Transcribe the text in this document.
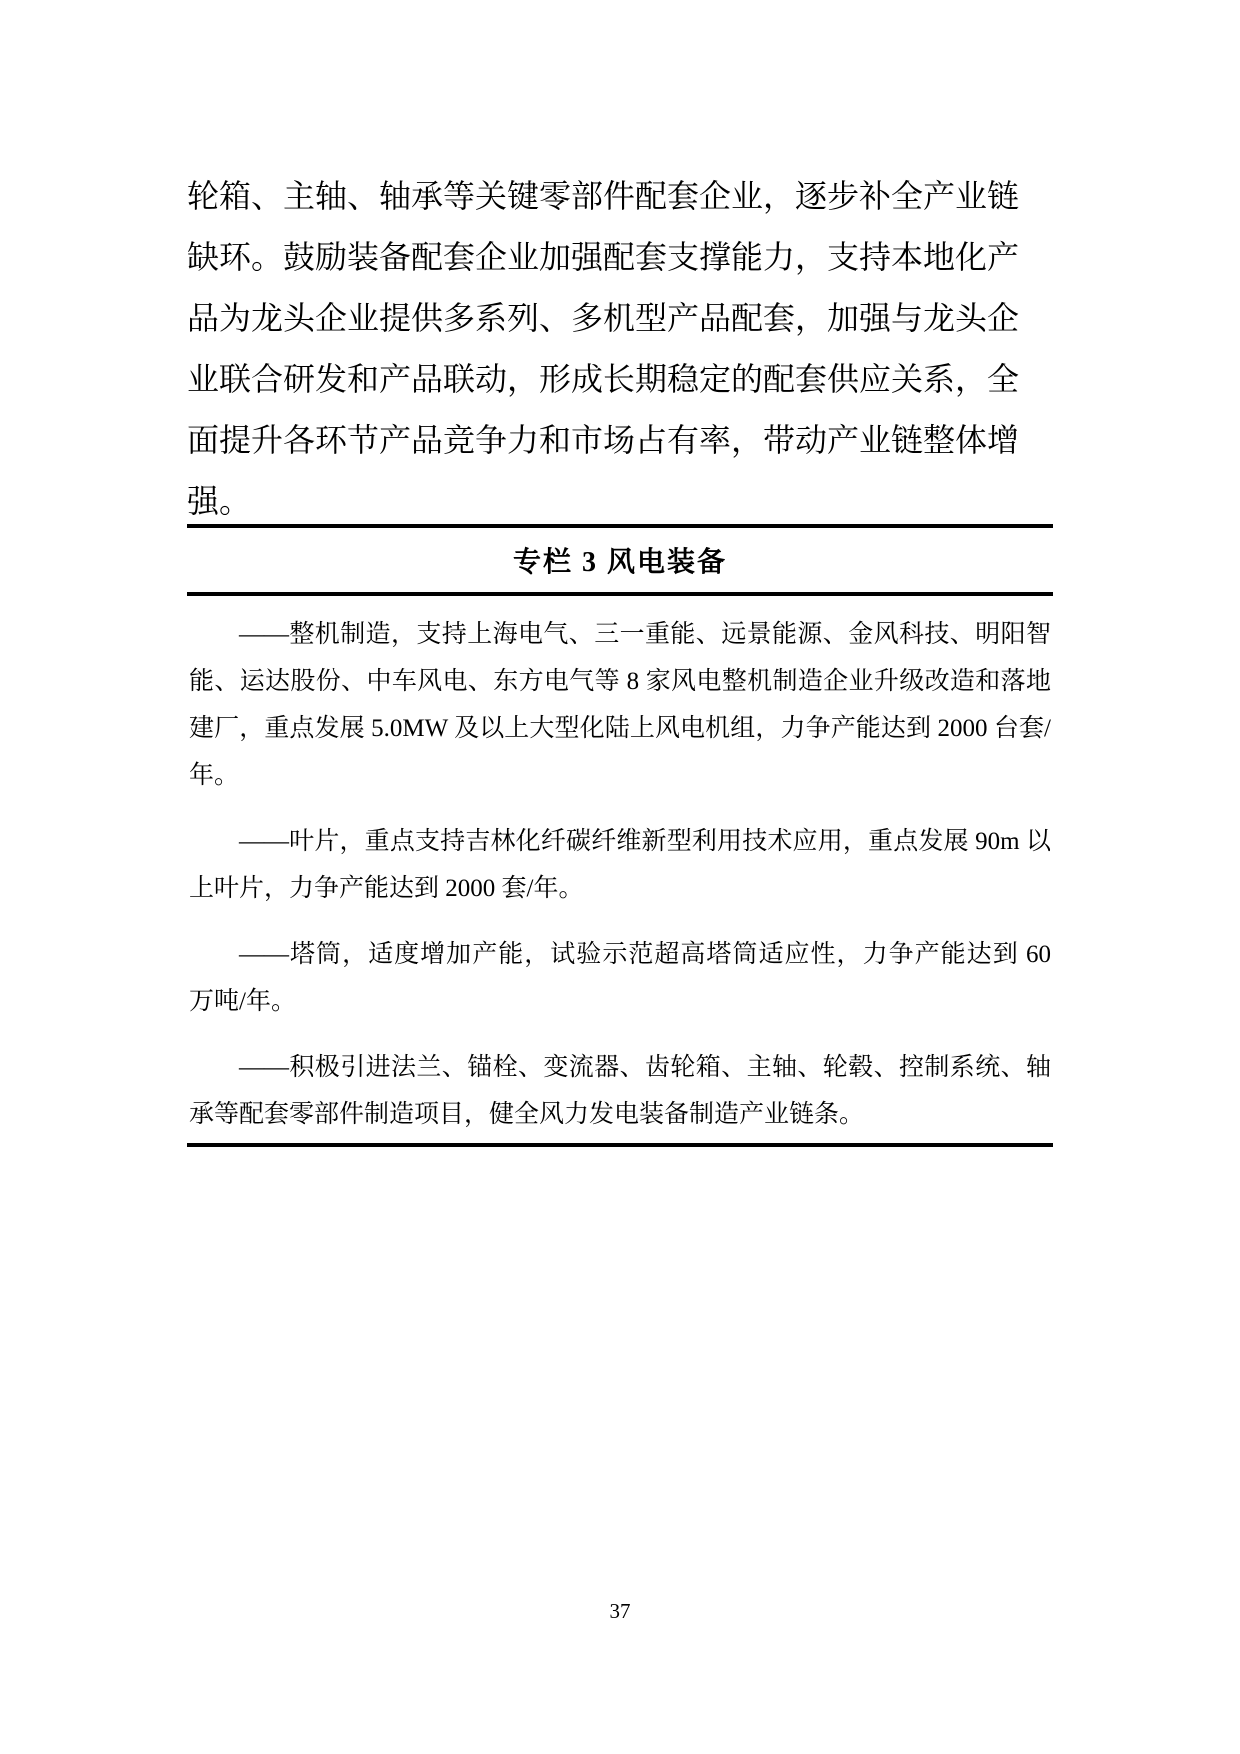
轮箱、主轴、轴承等关键零部件配套企业，逐步补全产业链
缺环。鼓励装备配套企业加强配套支撑能力，支持本地化产
品为龙头企业提供多系列、多机型产品配套，加强与龙头企
业联合研发和产品联动，形成长期稳定的配套供应关系，全
面提升各环节产品竞争力和市场占有率，带动产业链整体增
强。
专栏 3 风电装备

——整机制造，支持上海电气、三一重能、远景能源、金风科技、明阳智能、运达股份、中车风电、东方电气等 8 家风电整机制造企业升级改造和落地建厂，重点发展 5.0MW 及以上大型化陆上风电机组，力争产能达到 2000 台套/年。

——叶片，重点支持吉林化纤碳纤维新型利用技术应用，重点发展 90m 以上叶片，力争产能达到 2000 套/年。

——塔筒，适度增加产能，试验示范超高塔筒适应性，力争产能达到 60 万吨/年。

——积极引进法兰、锚栓、变流器、齿轮箱、主轴、轮毂、控制系统、轴承等配套零部件制造项目，健全风力发电装备制造产业链条。

37
